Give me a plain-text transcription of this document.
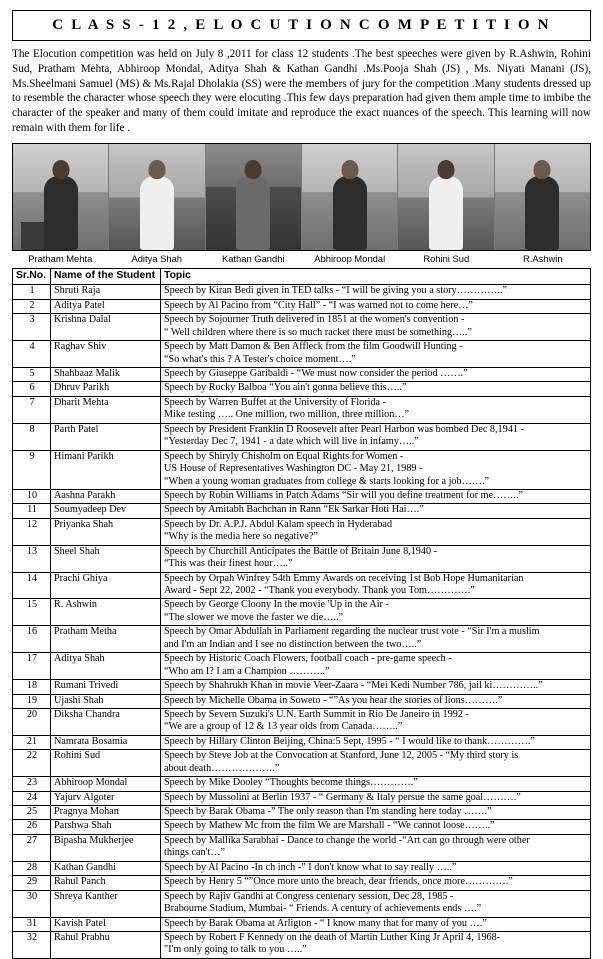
C L A S S - 1 2 , E L O C U T I O N C O M P E T I T I O N
The Elocution competition was held on July 8 ,2011 for class 12 students .The best speeches were given by R.Ashwin, Rohini Sud, Pratham Mehta, Abhiroop Mondal, Aditya Shah & Kathan Gandhi .Ms.Pooja Shah (JS) , Ms. Niyati Manani (JS), Ms.Sheelmani Samuel (MS) & Ms.Rajal Dholakia (SS) were the members of jury for the competition .Many students dressed up to resemble the character whose speech they were elocuting .This few days preparation had given them ample time to imbibe the character of the speaker and many of them could imitate and reproduce the exact nuances of the speech. This learning will now remain with them for life .
Pratham Mehta	Aditya Shah	Kathan Gandhi	Abhiroop Mondal	Rohini Sud	R.Ashwin
Sr.No.	Name of the Student	Topic
1	Shruti Raja	Speech by Kiran Bedi given in TED talks - “I will be giving you a story…………..”

2	Aditya Patel	Speech by Al Pacino from “City Hall” - “I was warned not to come here…”

3	Krishna Dalal	Speech by Sojourner Truth delivered in 1851 at the women's convention -
“ Well children where there is so much racket there must be something…..”

4	Raghav Shiv	Speech by Matt Damon & Ben Affleck from the film Goodwill Hunting -
“So what's this ? A Tester's choice moment….”

5	Shahbaaz Malik	Speech by Giuseppe Garibaldi - “We must now consider the period …….”

6	Dhruv Parikh	Speech by Rocky Balboa “You ain't gonna believe this…..”

7	Dharit Mehta	Speech by Warren Buffet at the University of Florida -
Mike testing ….. One million, two million, three million…”

8	Parth Patel	Speech by President Franklin D Roosevelt after Pearl Harbon was bombed Dec 8,1941 -
“Yesterday Dec 7, 1941 - a date which will live in infamy…..”

9	Himani Parikh	Speech by Shiryly Chisholm on Equal Rights for Women -
US House of Representatives Washington DC - May 21, 1989 -
“When a young woman graduates from college & starts looking for a job…….”

10	Aashna Parakh	Speech by Robin Williams in Patch Adams “Sir will you define treatment for me……..”

11	Soumyadeep Dev	Speech by Amitabh Bachchan in Rann “Ek Sarkar Hoti Hai….”

12	Priyanka Shah	Speech by Dr. A.P.J. Abdul Kalam speech in Hyderabad
“Why is the media here so negative?”

13	Sheel Shah	Speech by Churchill Anticipates the Battle of Britain June 8,1940 -
“This was their finest hour…..”

14	Prachi Ghiya	Speech by Orpah Winfrey 54th Emmy Awards on receiving 1st Bob Hope Humanitarian
Award - Sept 22, 2002 - “Thank you everybody. Thank you Tom………….”

15	R. Ashwin	Speech by George Cloony In the movie 'Up in the Air -
“The slower we move the faster we die…..”

16	Pratham Metha	Speech by Omar Abdullah in Parliament regarding the nuclear trust vote - “Sir I'm a muslim
and I'm an Indian and I see no distinction between the two…..”

17	Aditya Shah	Speech by Historic Coach Flowers, football coach - pre-game speech -
“Who am I? I am a Champion ………..”

18	Rumani Trivedi	Speech by Shahrukh Khan in movie Veer-Zaara - “Mei Kedi Number 786, jail ki…………..”

19	Ujashi Shah	Speech by Michelle Obama in Soweto - “”As you hear the stories of lions……….”

20	Diksha Chandra	Speech by Severn Suzuki's U.N. Earth Summit in Rio De Janeiro in 1992 -
“We are a group of 12 & 13 year olds from Canada……..”

21	Namrata Bosamia	Speech by Hillary Clinton Beijing, China:5 Sept, 1995 - “ I would like to thank………….”

22	Rohini Sud	Speech by Steve Job at the Convocation at Stanford, June 12, 2005 - “My third story is
about death……………….”

23	Abhiroop Mondal	Speech by Mike Dooley “Thoughts become things………….”

24	Yajurv Algoter	Speech by Mussolini at Berlin 1937 - “ Germany & Italy persue the same goal……….”

25	Pragnya Mohan	Speech by Barak Obama -” The only reason than I'm standing here today …….”

26	Parshwa Shah	Speech by Mathew Mc from the film We are Marshall - “We cannot loose……..”

27	Bipasha Mukherjee	Speech by Mallika Sarabhai - Dance to change the world -“Art can go through were other
things can't…”

28	Kathan Gandhi	Speech by Al Pacino -In ch inch -” I don't know what to say really …..”

29	Rahul Panch	Speech by Henry 5 “”Once more unto the breach, dear friends, once more………….”

30	Shreya Kanther	Speech by Rajiv Gandhi at Congress centenary session, Dec 28, 1985 -
Brabourne Stadium, Mumbai- “ Friends. A century of achievements ends ….”

31	Kavish Patel	Speech by Barak Obama at Arligton - “ I know many that for many of you ….”

32	Rahul Prabhu	Speech by Robert F Kennedy on the death of Martin Luther King Jr April 4, 1968-
"I'm only going to talk to you …..”
